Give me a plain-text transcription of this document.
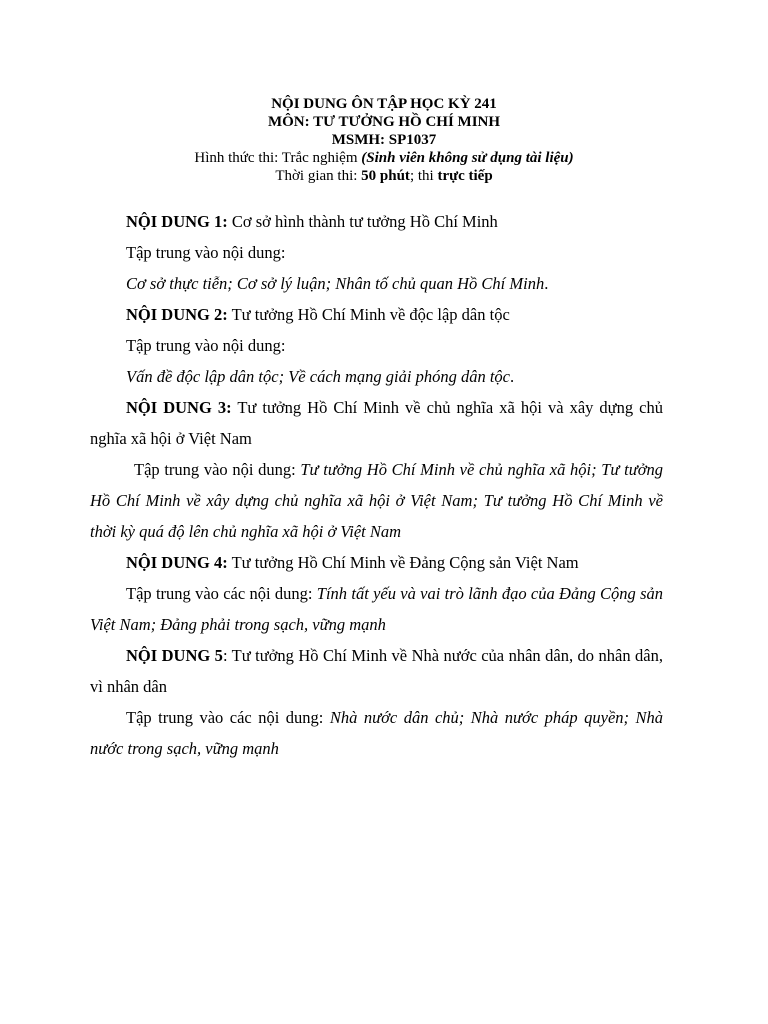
NỘI DUNG ÔN TẬP HỌC KỲ 241
MÔN: TƯ TƯỞNG HỒ CHÍ MINH
MSMH: SP1037
Hình thức thi: Trắc nghiệm (Sinh viên không sử dụng tài liệu)
Thời gian thi: 50 phút; thi trực tiếp

NỘI DUNG 1: Cơ sở hình thành tư tưởng Hồ Chí Minh

Tập trung vào nội dung:

Cơ sở thực tiễn; Cơ sở lý luận; Nhân tố chủ quan Hồ Chí Minh.

NỘI DUNG 2: Tư tưởng Hồ Chí Minh về độc lập dân tộc

Tập trung vào nội dung:

Vấn đề độc lập dân tộc; Về cách mạng giải phóng dân tộc.

NỘI DUNG 3: Tư tưởng Hồ Chí Minh về chủ nghĩa xã hội và xây dựng chủ nghĩa xã hội ở Việt Nam

Tập trung vào nội dung: Tư tưởng Hồ Chí Minh về chủ nghĩa xã hội; Tư tưởng Hồ Chí Minh về xây dựng chủ nghĩa xã hội ở Việt Nam; Tư tưởng Hồ Chí Minh về thời kỳ quá độ lên chủ nghĩa xã hội ở Việt Nam

NỘI DUNG 4: Tư tưởng Hồ Chí Minh về Đảng Cộng sản Việt Nam

Tập trung vào các nội dung: Tính tất yếu và vai trò lãnh đạo của Đảng Cộng sản Việt Nam; Đảng phải trong sạch, vững mạnh

NỘI DUNG 5: Tư tưởng Hồ Chí Minh về Nhà nước của nhân dân, do nhân dân, vì nhân dân

Tập trung vào các nội dung: Nhà nước dân chủ; Nhà nước pháp quyền; Nhà nước trong sạch, vững mạnh
